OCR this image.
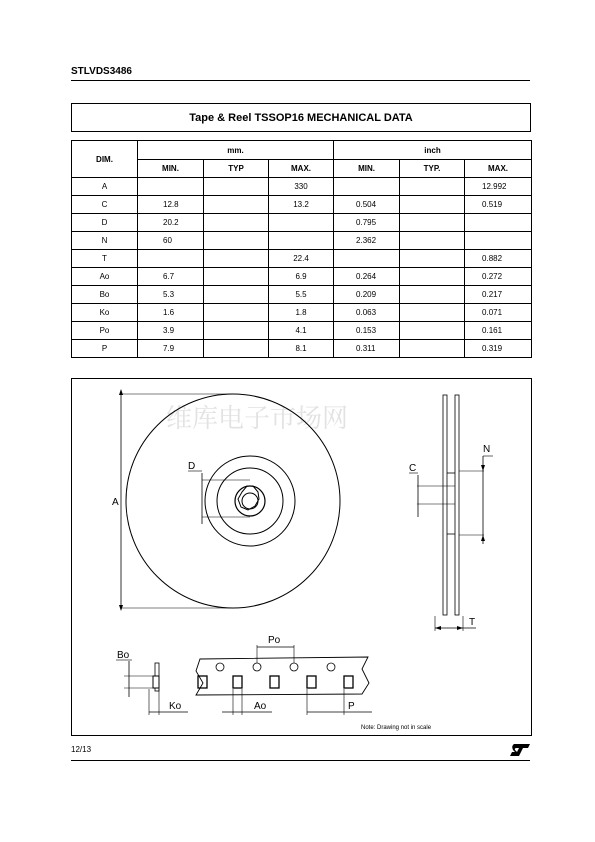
STLVDS3486
Tape & Reel TSSOP16 MECHANICAL DATA
DIM.	mm.			inch		
	MIN.	TYP	MAX.	MIN.	TYP.	MAX.
A			330			12.992
C	12.8		13.2	0.504		0.519
D	20.2			0.795		
N	60			2.362		
T			22.4			0.882
Ao	6.7		6.9	0.264		0.272
Bo	5.3		5.5	0.209		0.217
Ko	1.6		1.8	0.063		0.071
Po	3.9		4.1	0.153		0.161
P	7.9		8.1	0.311		0.319
维库电子市场网
A
D	C
N
T
Bo
Ko
Po
Ao	P
Note: Drawing not in scale
12/13
